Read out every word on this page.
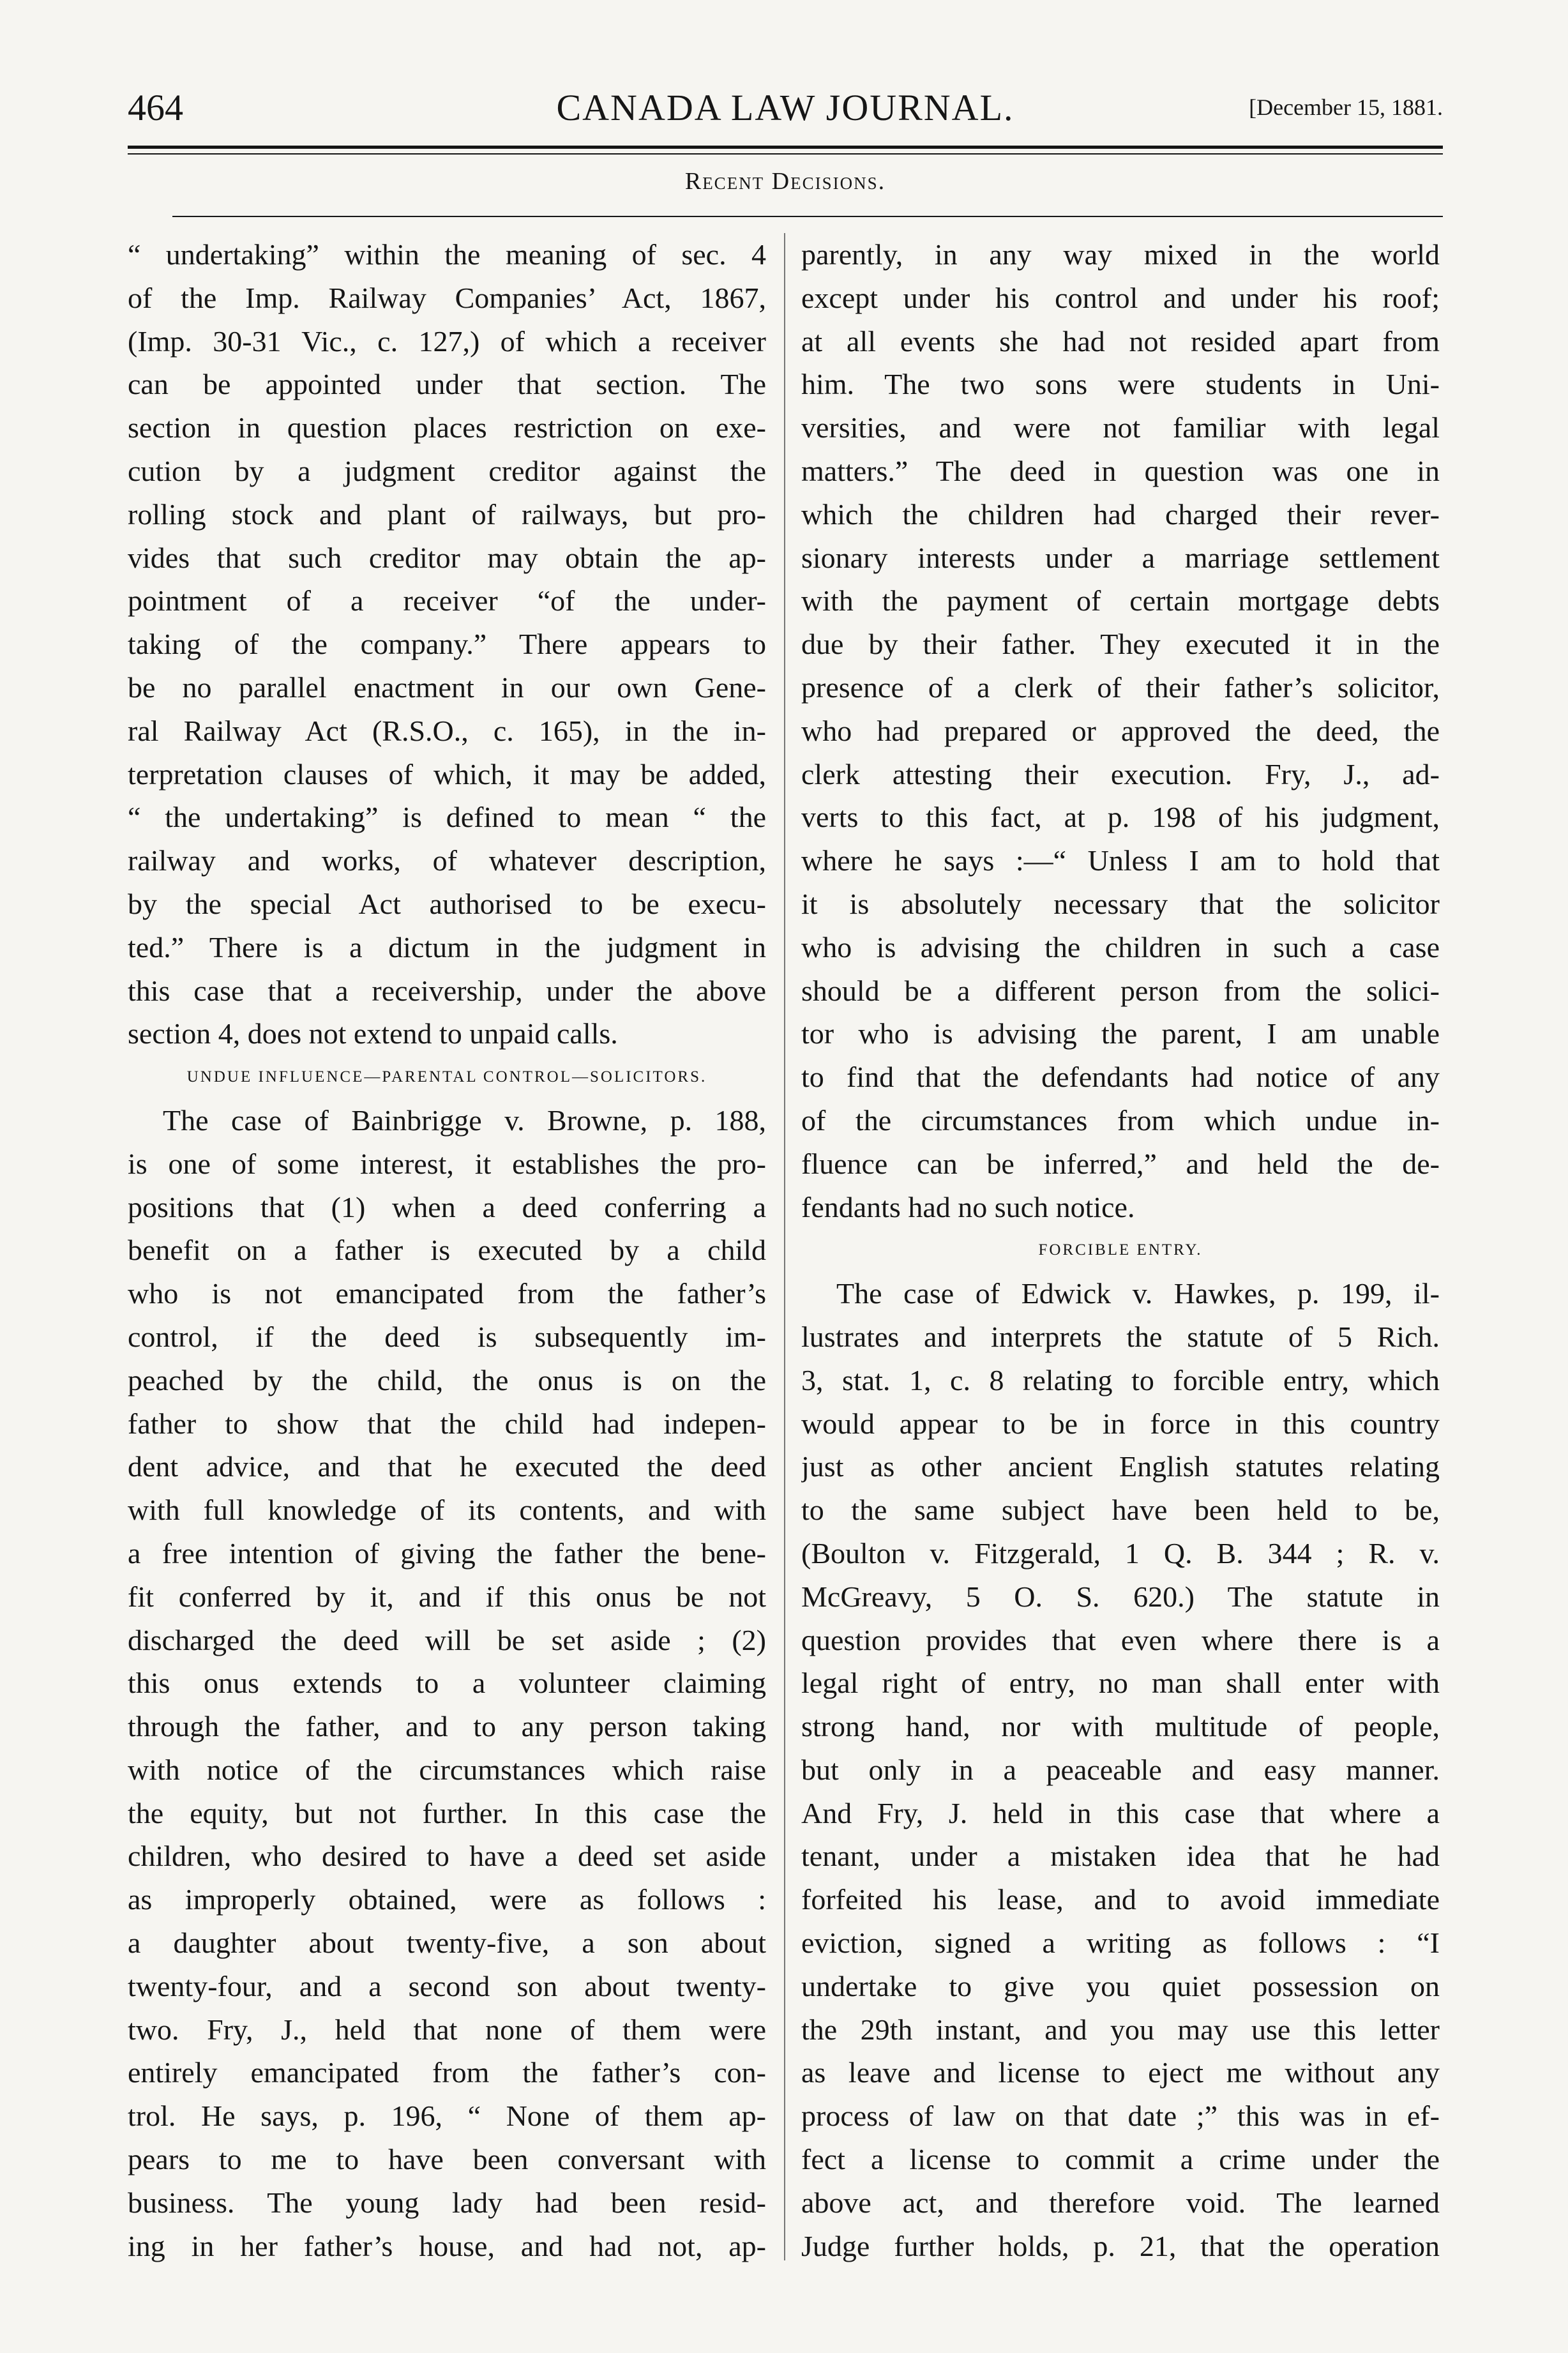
464	CANADA LAW JOURNAL.	[December 15, 1881.
Recent Decisions.
“ undertaking” within the meaning of sec. 4
of the Imp. Railway Companies’ Act, 1867,
(Imp. 30-31 Vic., c. 127,) of which a receiver
can be appointed under that section. The
section in question places restriction on exe-
cution by a judgment creditor against the
rolling stock and plant of railways, but pro-
vides that such creditor may obtain the ap-
pointment of a receiver “of the under-
taking of the company.” There appears to
be no parallel enactment in our own Gene-
ral Railway Act (R.S.O., c. 165), in the in-
terpretation clauses of which, it may be added,
“ the undertaking” is defined to mean “ the
railway and works, of whatever description,
by the special Act authorised to be execu-
ted.” There is a dictum in the judgment in
this case that a receivership, under the above
section 4, does not extend to unpaid calls.
UNDUE INFLUENCE—PARENTAL CONTROL—SOLICITORS.
The case of Bainbrigge v. Browne, p. 188,
is one of some interest, it establishes the pro-
positions that (1) when a deed conferring a
benefit on a father is executed by a child
who is not emancipated from the father’s
control, if the deed is subsequently im-
peached by the child, the onus is on the
father to show that the child had indepen-
dent advice, and that he executed the deed
with full knowledge of its contents, and with
a free intention of giving the father the bene-
fit conferred by it, and if this onus be not
discharged the deed will be set aside ; (2)
this onus extends to a volunteer claiming
through the father, and to any person taking
with notice of the circumstances which raise
the equity, but not further. In this case the
children, who desired to have a deed set aside
as improperly obtained, were as follows :
a daughter about twenty-five, a son about
twenty-four, and a second son about twenty-
two. Fry, J., held that none of them were
entirely emancipated from the father’s con-
trol. He says, p. 196, “ None of them ap-
pears to me to have been conversant with
business. The young lady had been resid-
ing in her father’s house, and had not, ap-
parently, in any way mixed in the world
except under his control and under his roof;
at all events she had not resided apart from
him. The two sons were students in Uni-
versities, and were not familiar with legal
matters.” The deed in question was one in
which the children had charged their rever-
sionary interests under a marriage settlement
with the payment of certain mortgage debts
due by their father. They executed it in the
presence of a clerk of their father’s solicitor,
who had prepared or approved the deed, the
clerk attesting their execution. Fry, J., ad-
verts to this fact, at p. 198 of his judgment,
where he says :—“ Unless I am to hold that
it is absolutely necessary that the solicitor
who is advising the children in such a case
should be a different person from the solici-
tor who is advising the parent, I am unable
to find that the defendants had notice of any
of the circumstances from which undue in-
fluence can be inferred,” and held the de-
fendants had no such notice.
FORCIBLE ENTRY.
The case of Edwick v. Hawkes, p. 199, il-
lustrates and interprets the statute of 5 Rich.
3, stat. 1, c. 8 relating to forcible entry, which
would appear to be in force in this country
just as other ancient English statutes relating
to the same subject have been held to be,
(Boulton v. Fitzgerald, 1 Q. B. 344 ; R. v.
McGreavy, 5 O. S. 620.) The statute in
question provides that even where there is a
legal right of entry, no man shall enter with
strong hand, nor with multitude of people,
but only in a peaceable and easy manner.
And Fry, J. held in this case that where a
tenant, under a mistaken idea that he had
forfeited his lease, and to avoid immediate
eviction, signed a writing as follows : “I
undertake to give you quiet possession on
the 29th instant, and you may use this letter
as leave and license to eject me without any
process of law on that date ;” this was in ef-
fect a license to commit a crime under the
above act, and therefore void. The learned
Judge further holds, p. 21, that the operation
